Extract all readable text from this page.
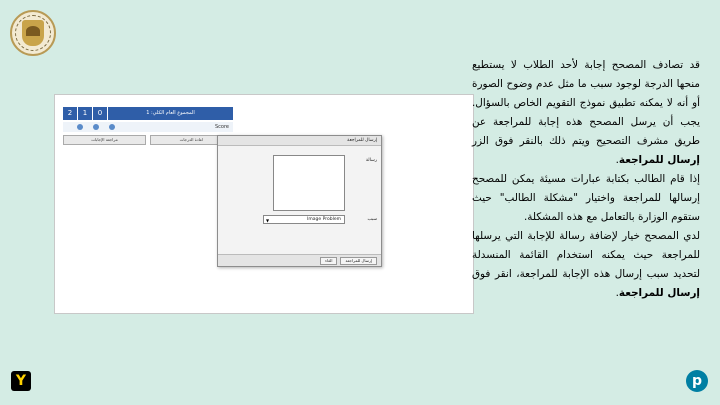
2	1	0	المجموع العام الكلي: 1
Score
مراجعة الإجابات	اعادة الدرجات	إرسال للمراجعة
رسالة
سبب
▼	Image Problem
الغاء	إرسال للمراجعة

قد تصادف المصحح إجابة لأحد الطلاب لا يستطيع منحها الدرجة لوجود سبب ما مثل عدم وضوح الصورة أو أنه لا يمكنه تطبيق نموذج التقويم الخاص بالسؤال. يجب أن يرسل المصحح هذه إجابة للمراجعة عن طريق مشرف التصحيح ويتم ذلك بالنقر فوق الزر إرسال للمراجعة.

إذا قام الطالب بكتابة عبارات مسيئة يمكن للمصحح إرسالها للمراجعة واختيار "مشكلة الطالب" حيث ستقوم الوزارة بالتعامل مع هذه المشكلة.

لدي المصحح خيار لإضافة رسالة للإجابة التي يرسلها للمراجعة حيث يمكنه استخدام القائمة المنسدلة لتحديد سبب إرسال هذه الإجابة للمراجعة، انقر فوق إرسال للمراجعة.

Y	p
